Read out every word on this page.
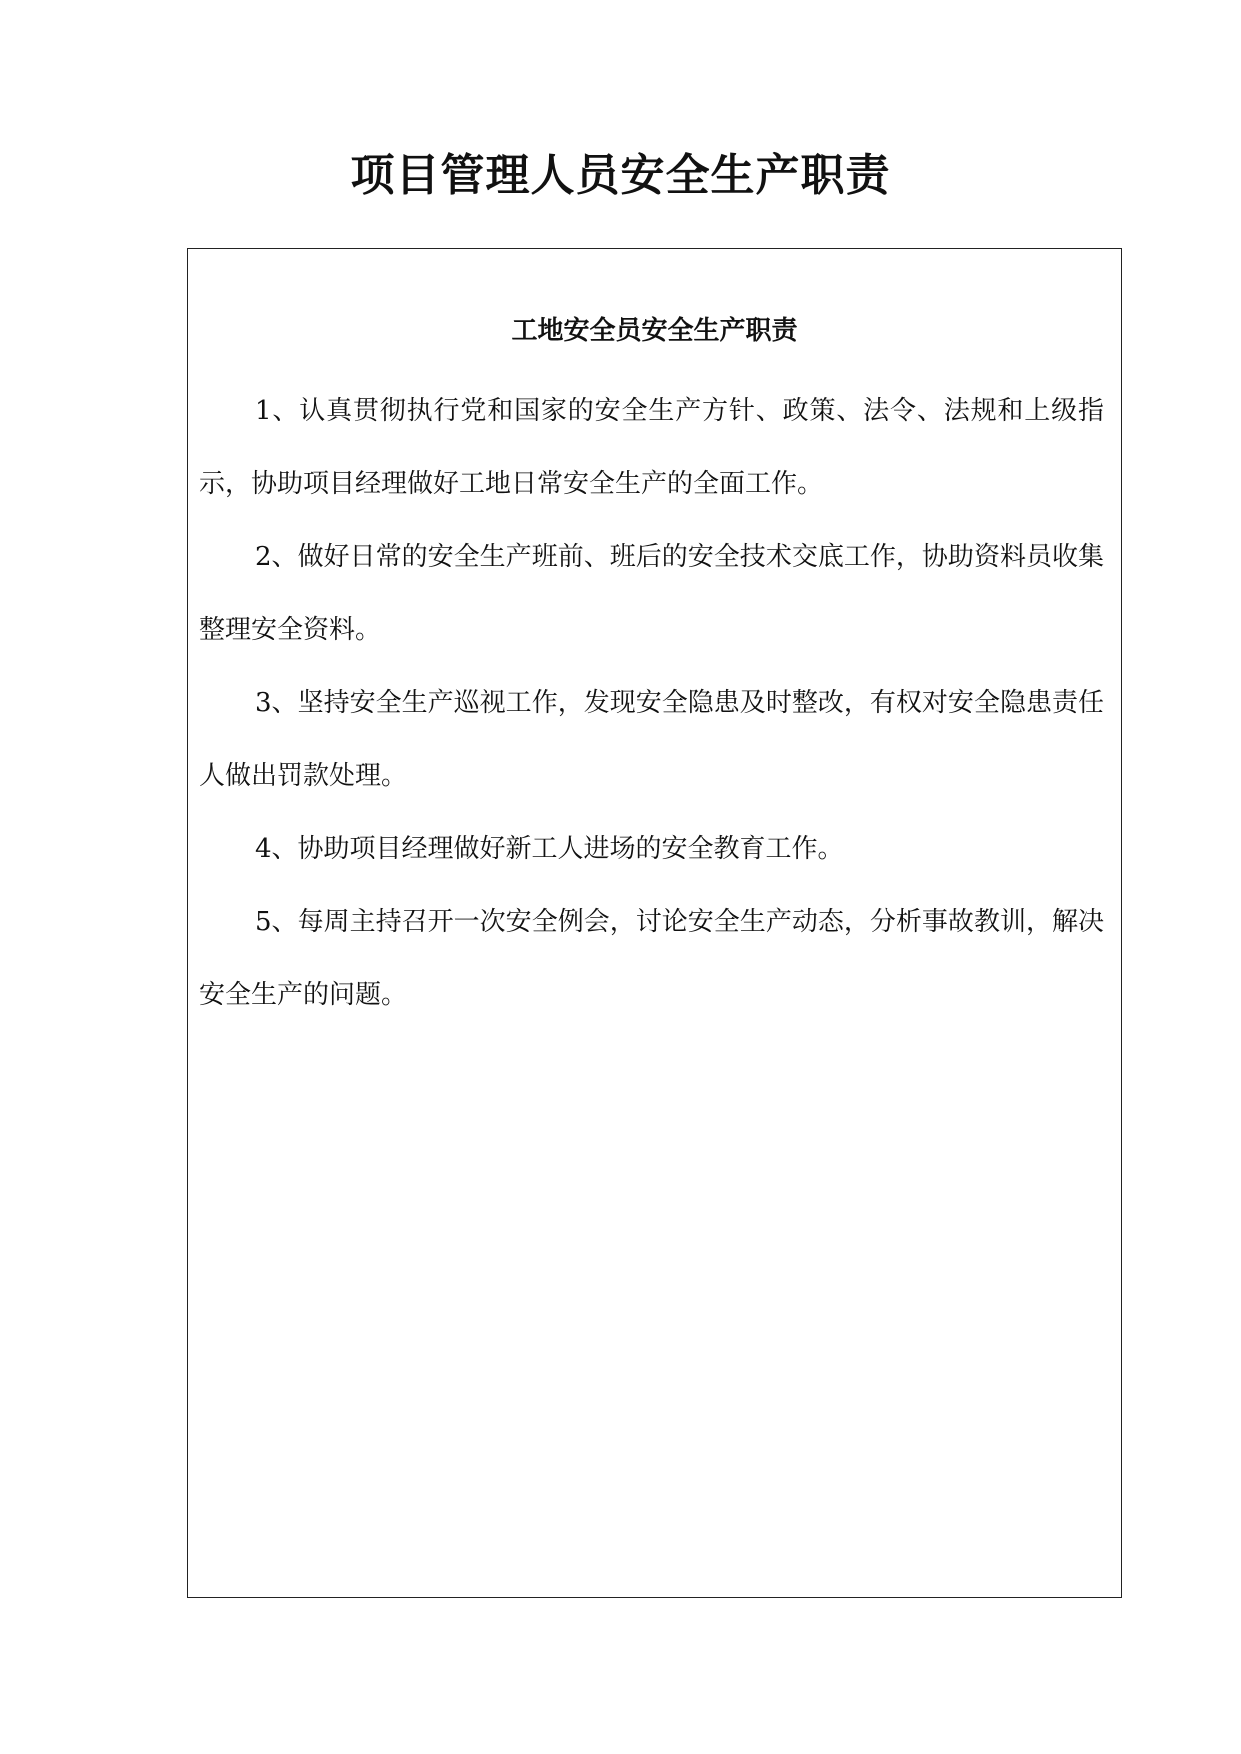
项目管理人员安全生产职责
工地安全员安全生产职责
1、认真贯彻执行党和国家的安全生产方针、政策、法令、法规和上级指示，协助项目经理做好工地日常安全生产的全面工作。
2、做好日常的安全生产班前、班后的安全技术交底工作，协助资料员收集整理安全资料。
3、坚持安全生产巡视工作，发现安全隐患及时整改，有权对安全隐患责任人做出罚款处理。
4、协助项目经理做好新工人进场的安全教育工作。
5、每周主持召开一次安全例会，讨论安全生产动态，分析事故教训，解决安全生产的问题。
